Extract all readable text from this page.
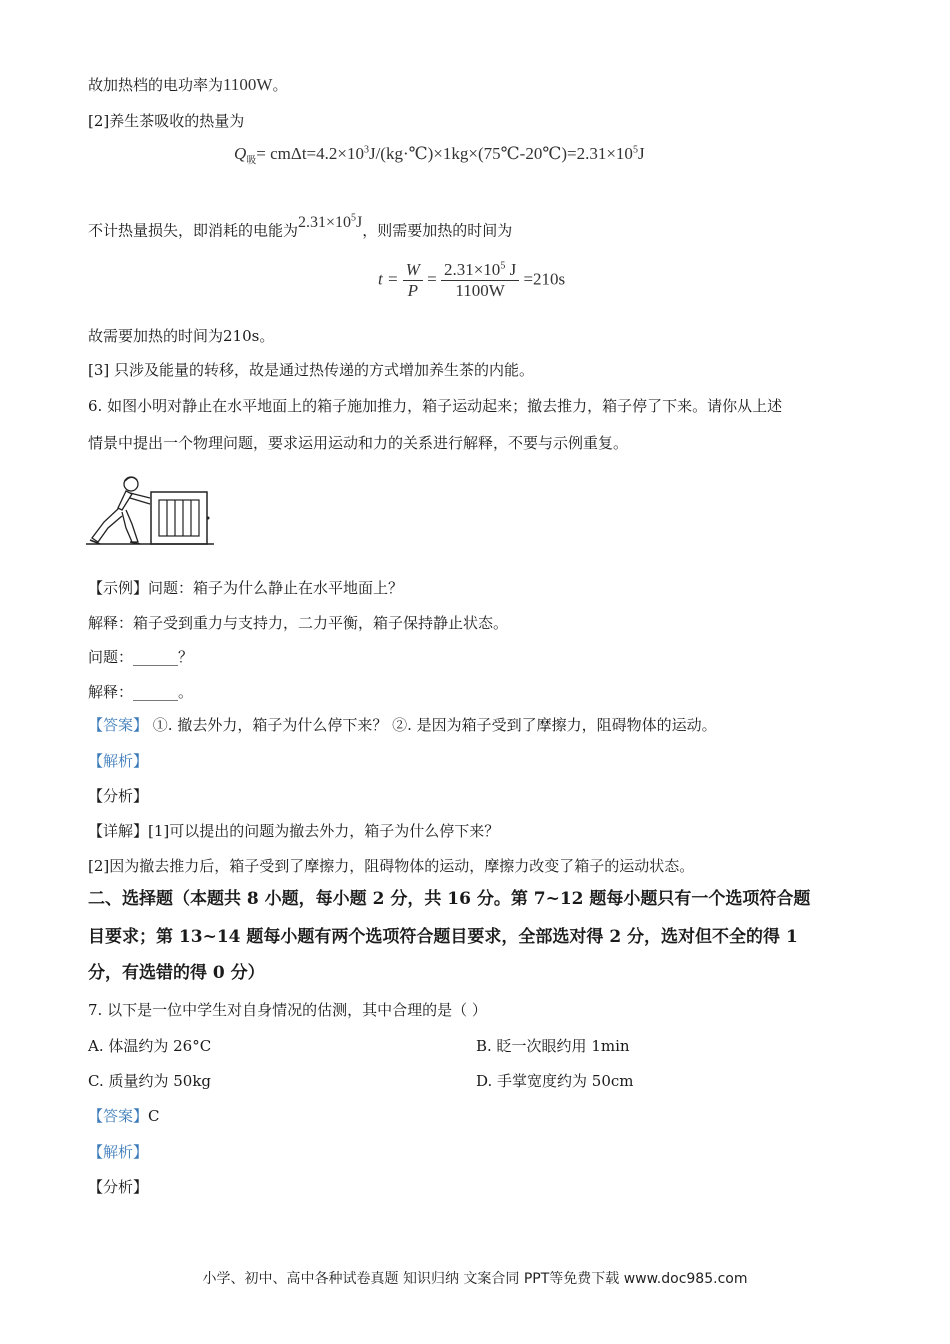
故加热档的电功率为1100W。
[2]养生茶吸收的热量为
$Q_吸=$ $cm\Delta t=4.2\times 10^3J/(kg\cdot℃)\times 1kg\times(75℃-20℃)=2.31\times 10^5J$
不计热量损失，即消耗的电能为$2.31\times 10^5J$，则需要加热的时间为
$t = \frac{W}{P} = \frac{2.31\times 10^5 J}{1100W} =210s$
故需要加热的时间为210s。
[3] 只涉及能量的转移，故是通过热传递的方式增加养生茶的内能。
6. 如图小明对静止在水平地面上的箱子施加推力，箱子运动起来；撤去推力，箱子停了下来。请你从上述
情景中提出一个物理问题，要求运用运动和力的关系进行解释，不要与示例重复。
【示例】问题：箱子为什么静止在水平地面上？
解释：箱子受到重力与支持力，二力平衡，箱子保持静止状态。
问题：______？
解释：______。
【答案】 ①. 撤去外力，箱子为什么停下来？ ②. 是因为箱子受到了摩擦力，阻碍物体的运动。
【解析】
【分析】
【详解】[1]可以提出的问题为撤去外力，箱子为什么停下来？
[2]因为撤去推力后，箱子受到了摩擦力，阻碍物体的运动，摩擦力改变了箱子的运动状态。
二、选择题（本题共 8 小题，每小题 2 分，共 16 分。第 7~12 题每小题只有一个选项符合题
目要求；第 13~14 题每小题有两个选项符合题目要求，全部选对得 2 分，选对但不全的得 1
分，有选错的得 0 分）
7. 以下是一位中学生对自身情况的估测，其中合理的是（ ）
A. 体温约为 26°C	B. 眨一次眼约用 1min
C. 质量约为 50kg	D. 手掌宽度约为 50cm
【答案】C
【解析】
【分析】
小学、初中、高中各种试卷真题 知识归纳 文案合同 PPT等免费下载 www.doc985.com
